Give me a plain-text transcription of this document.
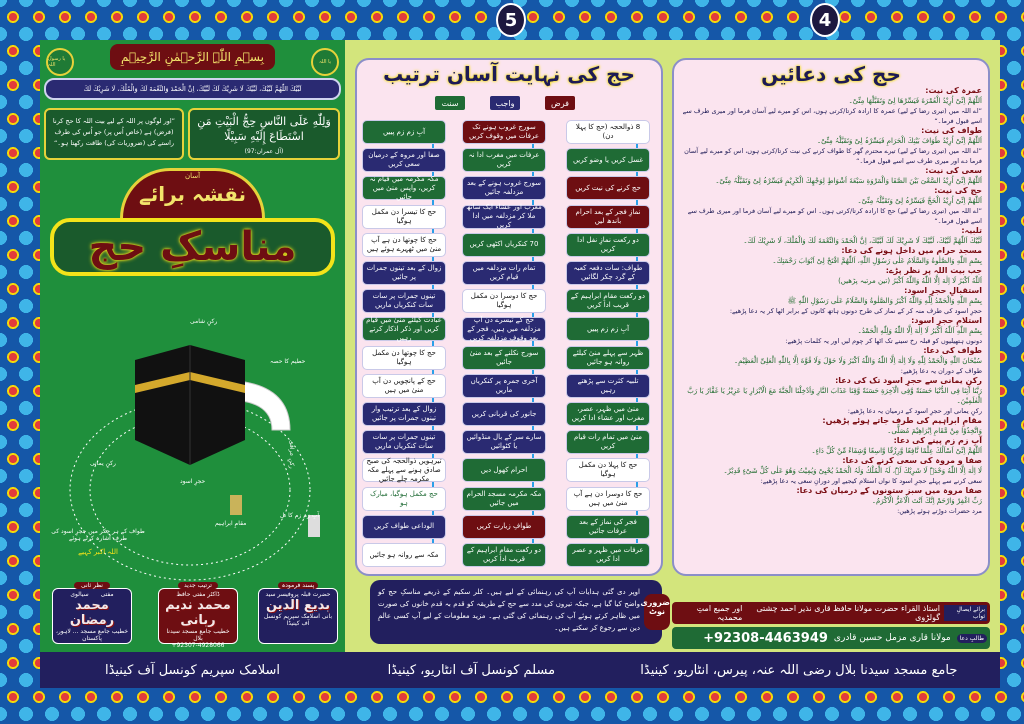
5	4
یا رسول اللہ	یا اللہ
بِسۡمِ اللّٰہِ الرَّحۡمٰنِ الرَّحِیۡمِ
لَبَّیْكَ اللّٰھُمَّ لَبَّیْكَ، لَبَّیْكَ لَا شَرِیْكَ لَكَ لَبَّیْكَ، اِنَّ الْحَمْدَ وَالنِّعْمَةَ لَكَ وَالْمُلْكَ، لَا شَرِیْكَ لَكَ
وَلِلّٰهِ عَلَى النَّاسِ حِجُّ الْبَيْتِ مَنِ اسْتَطَاعَ إِلَيْهِ سَبِيْلًا
(آل عمران:97)
”اور لوگوں پر اللہ کے لیے بیت اللہ کا حج کرنا (فرض) ہے (خاص اُس پر) جو اُس کی طرف راستے کی (ضروریات کی) طاقت رکھتا ہو۔“
آسان
نقشہ برائے
مناسکِ حج
رکنِ شامی
حطیم کا حصہ
رکنِ عراقی
رکنِ یمانی
حجرِ اسود
مقامِ ابراہیم
آبِ زم زم کا نل
طواف کے ہر چکر میں حجرِ اسود کی طرف اشارہ کرتے ہوئے
اللہ اکبر کہیے
نظر ثانی
مفتی سیالوی
محمد رمضان
خطیب جامع مسجد ... لاہور، پاکستان
ترتیب جدید
ڈاکٹر مفتی حافظ
محمد ندیم ربانی
خطیب جامع مسجد سیدنا بلال
+92307-4928066
پسند فرمودہ
حضرت قبلہ پروفیسر سید
بدیع الدین
بانی اسلامک سپریم کونسل آف کینیڈا
حج کی نہایت آسان ترتیب
فرض
واجب
سنت
8 ذوالحجہ (حج کا پہلا دن)
غسل کریں یا وضو کریں
حج کرنے کی نیت کریں
نمازِ فجر کے بعد احرام باندھ لیں
دو رکعت نمازِ نفل ادا کریں
طواف: سات دفعہ کعبہ کے گرد چکر لگائیں
دو رکعت مقامِ ابراہیم کے قریب ادا کریں
آبِ زم زم پییں
ظہر سے پہلے منیٰ کیلئے روانہ ہو جائیں
تلبیہ کثرت سے پڑھتے رہیں
منیٰ میں ظہر، عصر، مغرب اور عشاء ادا کریں
منیٰ میں تمام رات قیام کریں
حج کا پہلا دن مکمل ہوگیا
حج کا دوسرا دن ہے آپ منیٰ میں ہیں
فجر کی نماز کے بعد عرفات جائیں
عرفات میں ظہر و عصر ادا کریں
سورج غروب ہونے تک عرفات میں وقوف کریں
عرفات میں مغرب ادا نہ کریں
سورج غروب ہونے کے بعد مزدلفہ جائیں
مغرب اور عشاء ایک ساتھ ملا کر مزدلفہ میں ادا کریں
70 کنکریاں اکٹھی کریں
تمام رات مزدلفہ میں قیام کریں
حج کا دوسرا دن مکمل ہوگیا
حج کے تیسرے دن آپ مزدلفہ میں ہیں، فجر کے بعد وقوفِ مزدلفہ کریں
سورج نکلنے کے بعد منیٰ جائیں
آخری جمرہ پر کنکریاں ماریں
جانور کی قربانی کریں
سارے سر کے بال منڈوائیں یا کٹوائیں
احرام کھول دیں
مکہ مکرمہ مسجد الحرام میں جائیں
طوافِ زیارت کریں
دو رکعت مقامِ ابراہیم کے قریب ادا کریں
آبِ زم زم پییں
صفا اور مروہ کے درمیان سعی کریں
مکہ مکرمہ میں قیام نہ کریں، واپس منیٰ میں جائیں
حج کا تیسرا دن مکمل ہوگیا
حج کا چوتھا دن ہے آپ منیٰ میں ٹھہرے ہوئے ہیں
زوال کے بعد تینوں جمرات پر جائیں
تینوں جمرات پر سات سات کنکریاں ماریں
عبادت کیلئے منیٰ میں قیام کریں اور ذکر اذکار کرتے رہیں
حج کا چوتھا دن مکمل ہوگیا
حج کے پانچویں دن آپ منیٰ میں ہیں
زوال کے بعد ترتیب وار تینوں جمرات پر جائیں
تینوں جمرات پر سات سات کنکریاں ماریں
تیرہویں ذوالحجہ کی صبح صادق ہونے سے پہلے مکہ مکرمہ چلے جائیں
حج مکمل ہوگیا، مبارک ہو
الوداعی طواف کریں
مکہ سے روانہ ہو جائیں
حج کی دعائیں
عمرہ کی نیت:
اَللّٰھُمَّ اِنِّیْ اُرِیْدُ الْعُمْرَةَ فَیَسِّرْھَا لِیْ وَتَقَبَّلْھَا مِنِّیْ۔
”اے اللہ میں (تیری رضا کے لیے) عمرہ کا ارادہ کرتا/کرتی ہوں، اس کو میرے لیے آسان فرما اور میری طرف سے اسے قبول فرما۔“
طواف کی نیت:
اَللّٰھُمَّ اِنِّیْ اُرِیْدُ طَوَافَ بَیْتِكَ الْحَرَامِ فَیَسِّرْہُ لِیْ وَتَقَبَّلْہُ مِنِّیْ۔
”اے اللہ میں (تیری رضا کے لیے) تیرے محترم گھر کا طواف کرنے کی نیت کرتا/کرتی ہوں، اس کو میرے لیے آسان فرما دے اور میری طرف سے اسے قبول فرما۔“
سعی کی نیت:
اَللّٰھُمَّ اِنِّیْ اُرِیْدُ السَّعْیَ بَیْنَ الصَّفَا وَالْمَرْوَةِ سَبْعَةَ اَشْوَاطٍ لِوَجْھِكَ الْكَرِیْمِ فَیَسِّرْہُ لِیْ وَتَقَبَّلْہُ مِنِّیْ۔
حج کی نیت:
اَللّٰھُمَّ اِنِّیْ اُرِیْدُ الْحَجَّ فَیَسِّرْہُ لِیْ وَتَقَبَّلْہُ مِنِّیْ۔
”اے اللہ میں (تیری رضا کے لیے) حج کا ارادہ کرتا/کرتی ہوں۔ اس کو میرے لیے آسان فرما اور میری طرف سے اسے قبول فرما۔“
تلبیہ:
لَبَّیْكَ اَللّٰھُمَّ لَبَّیْكَ، لَبَّیْكَ لَا شَرِیْكَ لَكَ لَبَّیْكَ، اِنَّ الْحَمْدَ وَالنِّعْمَةَ لَكَ وَالْمُلْكَ، لَا شَرِیْكَ لَكَ۔
مسجد حرام میں داخل ہونے کی دعا:
بِسْمِ اللّٰهِ وَالصَّلٰوةُ وَالسَّلَامُ عَلٰی رَسُوْلِ اللّٰهِ، اَللّٰھُمَّ افْتَحْ لِیْ اَبْوَابَ رَحْمَتِكَ۔
جب بیت اللہ پر نظر پڑے:
اَللّٰهُ اَكْبَرُ لَا اِلٰهَ اِلَّا اللّٰهُ وَاللّٰهُ اَكْبَرُ (تین مرتبہ پڑھیں)
استقبالِ حجرِ اسود:
بِسْمِ اللّٰهِ وَالْحَمْدُ لِلّٰهِ وَاللّٰهُ اَكْبَرُ وَالصَّلٰوةُ وَالسَّلَامُ عَلٰی رَسُوْلِ اللّٰهِ ﷺ
حجرِ اسود کی طرف منہ کر کے نماز کی طرح دونوں ہاتھ کانوں کے برابر اٹھا کر یہ دعا پڑھیے:
استلامِ حجرِ اسود:
بِسْمِ اللّٰهِ اَللّٰهُ اَكْبَرُ لَا اِلٰهَ اِلَّا اللّٰهُ وَلِلّٰهِ الْحَمْدُ۔
دونوں ہتھیلیوں کو قبلہ رخ سینے تک اٹھا کر چوم لیں اور یہ کلمات پڑھیے:
طواف کی دعا:
سُبْحَانَ اللّٰهِ وَالْحَمْدُ لِلّٰهِ وَلَا اِلٰهَ اِلَّا اللّٰهُ وَاللّٰهُ اَكْبَرُ وَلَا حَوْلَ وَلَا قُوَّةَ اِلَّا بِاللّٰهِ الْعَلِیِّ الْعَظِیْمِ۔
طواف کے دوران یہ دعا پڑھیے:
رکنِ یمانی سے حجرِ اسود تک کی دعا:
رَبَّنَا آتِنَا فِی الدُّنْیَا حَسَنَةً وَّفِی الْآخِرَةِ حَسَنَةً وَّقِنَا عَذَابَ النَّارِ وَاَدْخِلْنَا الْجَنَّةَ مَعَ الْاَبْرَارِ یَا عَزِیْزُ یَا غَفَّارُ یَا رَبَّ الْعٰلَمِیْنَ۔
رکنِ یمانی اور حجرِ اسود کے درمیان یہ دعا پڑھیے:
مقامِ ابراہیم کی طرف جاتے ہوئے پڑھیں:
وَاتَّخِذُوْا مِنْ مَّقَامِ اِبْرَاھِیْمَ مُصَلًّی۔
آبِ زم زم پینے کی دعا:
اَللّٰھُمَّ اِنِّیْ اَسْاَلُكَ عِلْمًا نَّافِعًا وَّرِزْقًا وَّاسِعًا وَّشِفَاءً مِّنْ كُلِّ دَاءٍ۔
صفا و مروہ کی سعی کرنے کی دعا:
لَا اِلٰهَ اِلَّا اللّٰهُ وَحْدَہٗ لَا شَرِیْكَ لَہٗ، لَہُ الْمُلْكُ وَلَہُ الْحَمْدُ یُحْیِیْ وَیُمِیْتُ وَھُوَ عَلٰی كُلِّ شَیْءٍ قَدِیْرٌ۔
سعی کرنے سے پہلے حجرِ اسود کا نواں استلام کیجیے اور دورانِ سعی یہ دعا پڑھیے:
صفا مروہ میں سبز ستونوں کے درمیان کی دعا:
رَبِّ اغْفِرْ وَارْحَمْ اِنَّكَ اَنْتَ الْاَعَزُّ الْاَكْرَمُ۔
مرد حضرات دوڑتے ہوئے پڑھیں:
ضروری نوٹ
اوپر دی گئی ہدایات آپ کی رہنمائی کے لیے ہیں۔ کلر سکیم کے ذریعے مناسکِ حج کو واضح کیا گیا ہے، جبکہ تیروں کی مدد سے حج کے طریقہ کو قدم بہ قدم خانوں کی صورت میں ظاہر کرتے ہوئے آپ کی رہنمائی کی گئی ہے۔ مزید معلومات کے لیے آپ کسی عالمِ دین سے رجوع کر سکتے ہیں۔
برائے ایصالِ ثواب
استاذ القراء حضرت مولانا حافظ قاری نذیر احمد چشتی گولڑوی
اور جمیع امتِ محمدیہ
طالبِ دعا
مولانا قاری مزمل حسین قادری
+92308-4463949
اسلامک سپریم کونسل آف کینیڈا	جامع مسجد سیدنا بلال رضی اللہ عنہ، پیرس، انٹاریو، کینیڈا
مسلم کونسل آف انٹاریو، کینیڈا
